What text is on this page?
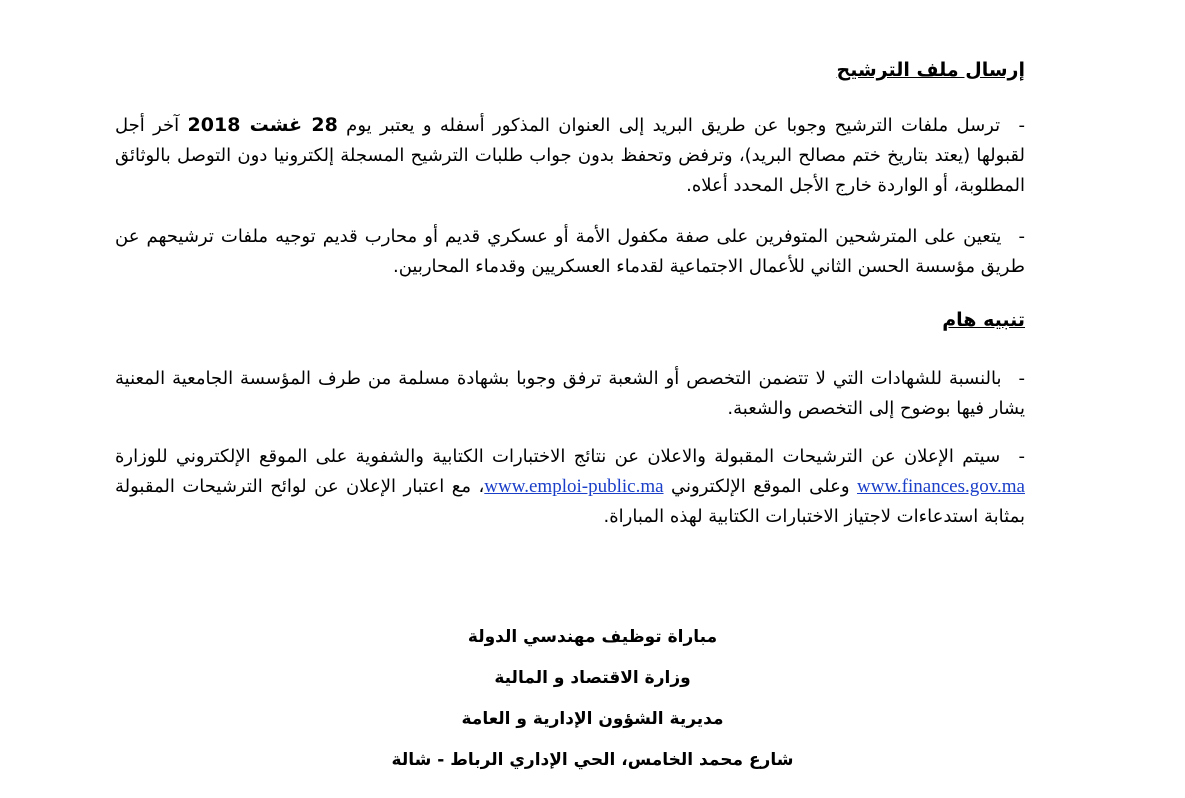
إرسال ملف الترشيح

- ترسل ملفات الترشيح وجوبا عن طريق البريد إلى العنوان المذكور أسفله و يعتبر يوم 28 غشت 2018 آخر أجل لقبولها (يعتد بتاريخ ختم مصالح البريد)، وترفض وتحفظ بدون جواب طلبات الترشيح المسجلة إلكترونيا دون التوصل بالوثائق المطلوبة، أو الواردة خارج الأجل المحدد أعلاه.

- يتعين على المترشحين المتوفرين على صفة مكفول الأمة أو عسكري قديم أو محارب قديم توجيه ملفات ترشيحهم عن طريق مؤسسة الحسن الثاني للأعمال الاجتماعية لقدماء العسكريين وقدماء المحاربين.

تنبيه هام

- بالنسبة للشهادات التي لا تتضمن التخصص أو الشعبة ترفق وجوبا بشهادة مسلمة من طرف المؤسسة الجامعية المعنية يشار فيها بوضوح إلى التخصص والشعبة.

- سيتم الإعلان عن الترشيحات المقبولة والاعلان عن نتائج الاختبارات الكتابية والشفوية على الموقع الإلكتروني للوزارة www.finances.gov.ma وعلى الموقع الإلكتروني www.emploi-public.ma، مع اعتبار الإعلان عن لوائح الترشيحات المقبولة بمثابة استدعاءات لاجتياز الاختبارات الكتابية لهذه المباراة.

مباراة توظيف مهندسي الدولة

وزارة الاقتصاد و المالية

مديرية الشؤون الإدارية و العامة

شارع محمد الخامس، الحي الإداري الرباط - شالة
